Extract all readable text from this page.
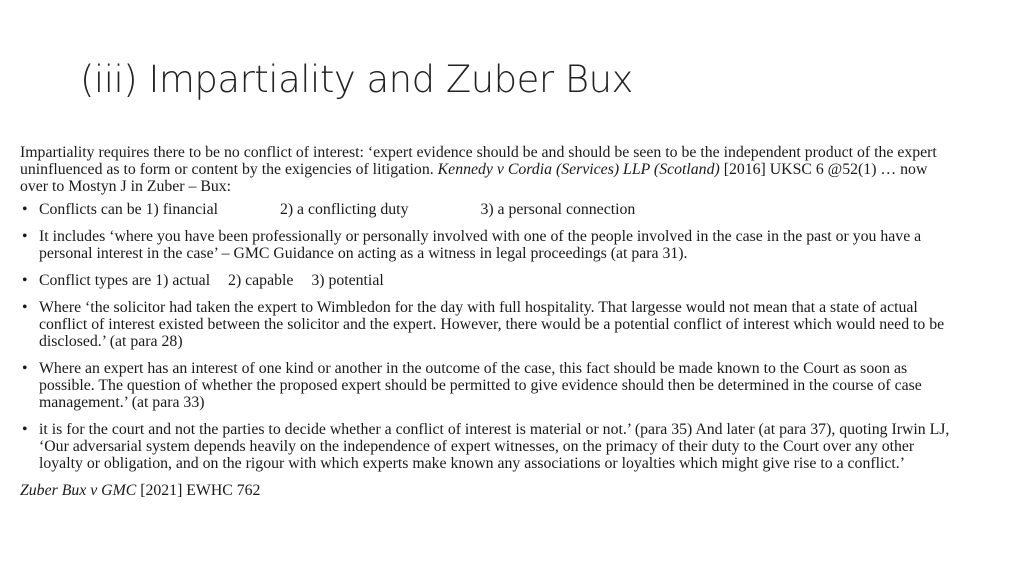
(iii) Impartiality and Zuber Bux

Impartiality requires there to be no conflict of interest: ‘expert evidence should be and should be seen to be the independent product of the expert uninfluenced as to form or content by the exigencies of litigation. Kennedy v Cordia (Services) LLP (Scotland) [2016] UKSC 6 @52(1) … now over to Mostyn J in Zuber – Bux:

• Conflicts can be 1) financial	2) a conflicting duty	3) a personal connection
• It includes ‘where you have been professionally or personally involved with one of the people involved in the case in the past or you have a personal interest in the case’ – GMC Guidance on acting as a witness in legal proceedings (at para 31).
• Conflict types are 1) actual 2) capable 3) potential
• Where ‘the solicitor had taken the expert to Wimbledon for the day with full hospitality. That largesse would not mean that a state of actual conflict of interest existed between the solicitor and the expert. However, there would be a potential conflict of interest which would need to be disclosed.’ (at para 28)
• Where an expert has an interest of one kind or another in the outcome of the case, this fact should be made known to the Court as soon as possible. The question of whether the proposed expert should be permitted to give evidence should then be determined in the course of case management.’ (at para 33)
• it is for the court and not the parties to decide whether a conflict of interest is material or not.’ (para 35) And later (at para 37), quoting Irwin LJ, ‘Our adversarial system depends heavily on the independence of expert witnesses, on the primacy of their duty to the Court over any other loyalty or obligation, and on the rigour with which experts make known any associations or loyalties which might give rise to a conflict.’
Zuber Bux v GMC [2021] EWHC 762
